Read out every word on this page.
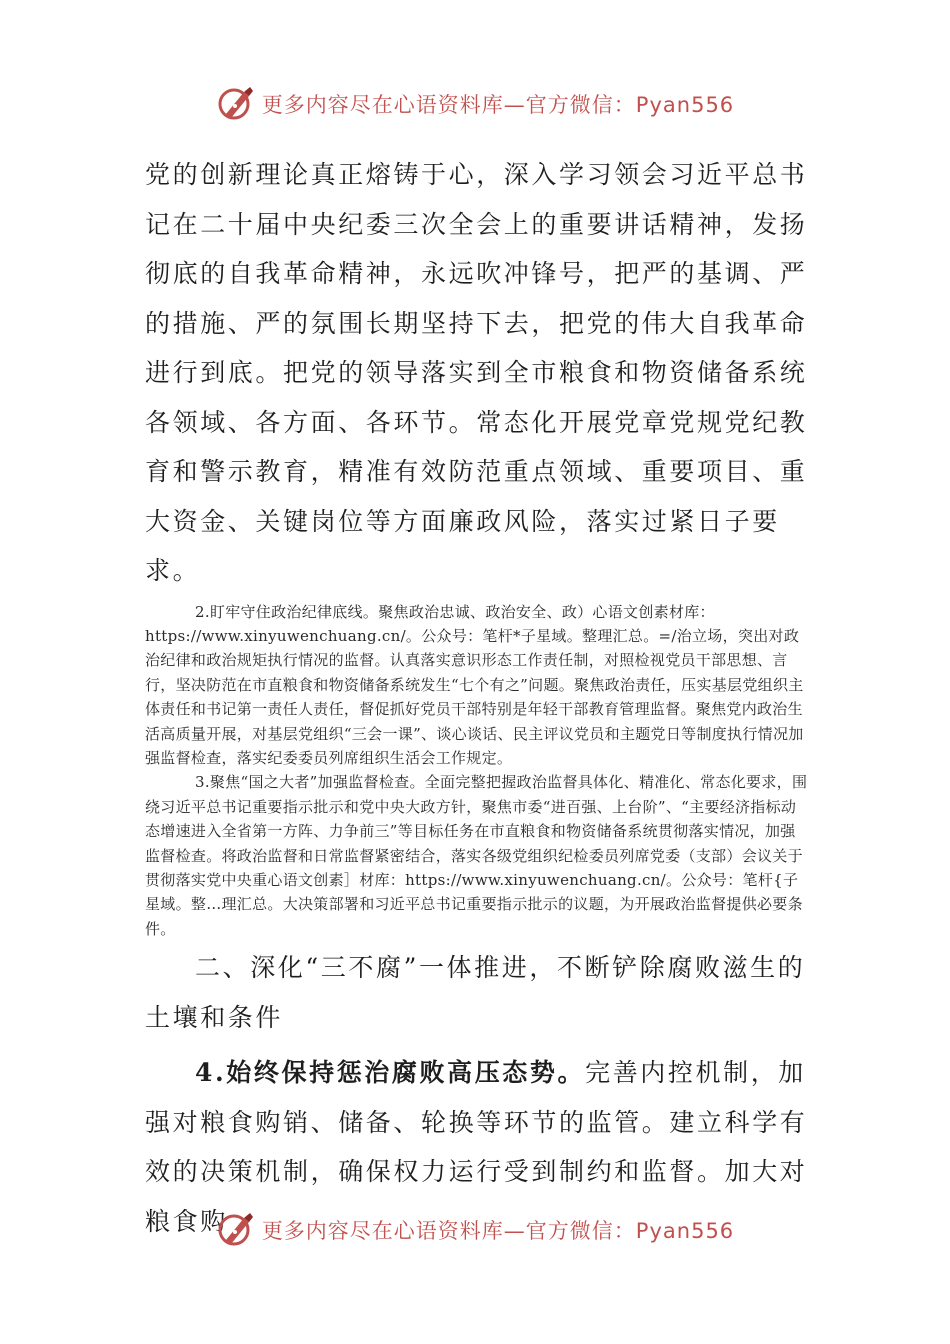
更多内容尽在心语资料库—官方微信：Pyan556

党的创新理论真正熔铸于心，深入学习领会习近平总书记在二十届中央纪委三次全会上的重要讲话精神，发扬彻底的自我革命精神，永远吹冲锋号，把严的基调、严的措施、严的氛围长期坚持下去，把党的伟大自我革命进行到底。把党的领导落实到全市粮食和物资储备系统各领域、各方面、各环节。常态化开展党章党规党纪教育和警示教育，精准有效防范重点领域、重要项目、重大资金、关键岗位等方面廉政风险，落实过紧日子要求。

2.盯牢守住政治纪律底线。聚焦政治忠诚、政治安全、政）心语文创素材库：https://www.xinyuwenchuang.cn/。公众号：笔杆*子星域。整理汇总。=/治立场，突出对政治纪律和政治规矩执行情况的监督。认真落实意识形态工作责任制，对照检视党员干部思想、言行，坚决防范在市直粮食和物资储备系统发生“七个有之”问题。聚焦政治责任，压实基层党组织主体责任和书记第一责任人责任，督促抓好党员干部特别是年轻干部教育管理监督。聚焦党内政治生活高质量开展，对基层党组织“三会一课”、谈心谈话、民主评议党员和主题党日等制度执行情况加强监督检查，落实纪委委员列席组织生活会工作规定。

3.聚焦“国之大者”加强监督检查。全面完整把握政治监督具体化、精准化、常态化要求，围绕习近平总书记重要指示批示和党中央大政方针，聚焦市委“进百强、上台阶”、“主要经济指标动态增速进入全省第一方阵、力争前三”等目标任务在市直粮食和物资储备系统贯彻落实情况，加强监督检查。将政治监督和日常监督紧密结合，落实各级党组织纪检委员列席党委（支部）会议关于贯彻落实党中央重心语文创素］材库：https://www.xinyuwenchuang.cn/。公众号：笔杆{子星域。整…理汇总。大决策部署和习近平总书记重要指示批示的议题，为开展政治监督提供必要条件。

二、深化“三不腐”一体推进，不断铲除腐败滋生的土壤和条件

4.始终保持惩治腐败高压态势。完善内控机制，加强对粮食购销、储备、轮换等环节的监管。建立科学有效的决策机制，确保权力运行受到制约和监督。加大对粮食购	更多内容尽在心语资料库—官方微信：Pyan556
